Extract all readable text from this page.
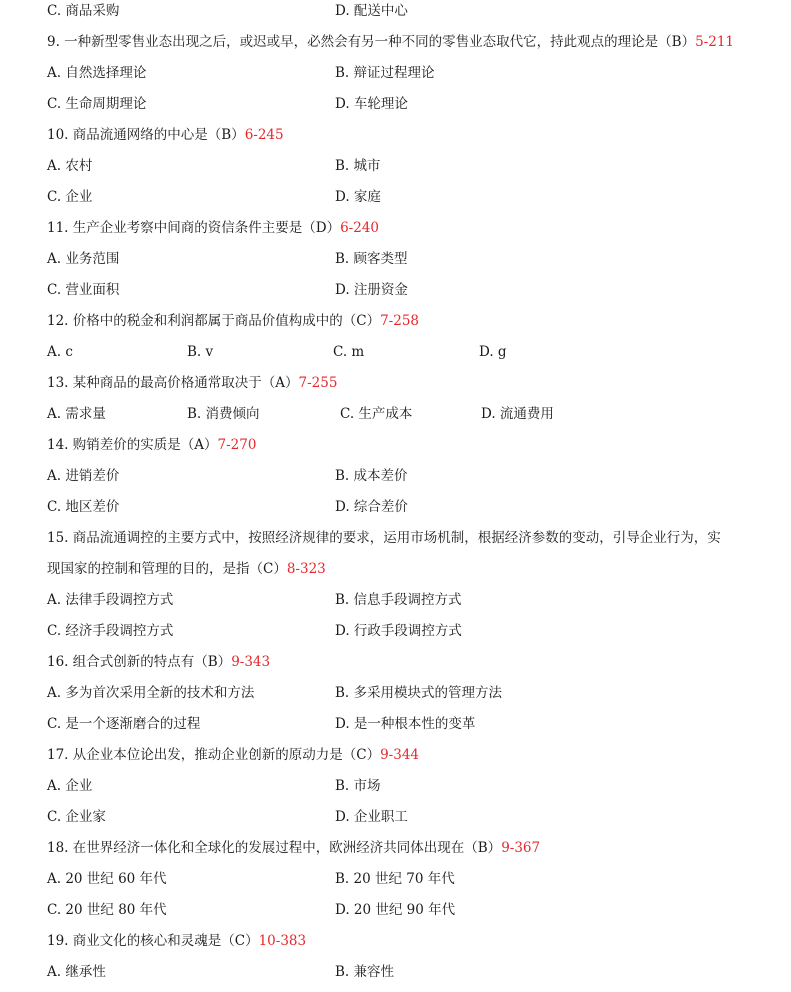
C. 商品采购	D. 配送中心
9. 一种新型零售业态出现之后，或迟或早，必然会有另一种不同的零售业态取代它，持此观点的理论是（B）5-211
A. 自然选择理论	B. 辩证过程理论
C. 生命周期理论	D. 车轮理论
10. 商品流通网络的中心是（B）6-245
A. 农村	B. 城市
C. 企业	D. 家庭
11. 生产企业考察中间商的资信条件主要是（D）6-240
A. 业务范围	B. 顾客类型
C. 营业面积	D. 注册资金
12. 价格中的税金和利润都属于商品价值构成中的（C）7-258
A. c	B. v	C. m	D. g
13. 某种商品的最高价格通常取决于（A）7-255
A. 需求量	B. 消费倾向	C. 生产成本	D. 流通费用
14. 购销差价的实质是（A）7-270
A. 进销差价	B. 成本差价
C. 地区差价	D. 综合差价
15. 商品流通调控的主要方式中，按照经济规律的要求，运用市场机制，根据经济参数的变动，引导企业行为，实
现国家的控制和管理的目的，是指（C）8-323
A. 法律手段调控方式	B. 信息手段调控方式
C. 经济手段调控方式	D. 行政手段调控方式
16. 组合式创新的特点有（B）9-343
A. 多为首次采用全新的技术和方法	B. 多采用模块式的管理方法
C. 是一个逐渐磨合的过程	D. 是一种根本性的变革
17. 从企业本位论出发，推动企业创新的原动力是（C）9-344
A. 企业	B. 市场
C. 企业家	D. 企业职工
18. 在世界经济一体化和全球化的发展过程中，欧洲经济共同体出现在（B）9-367
A. 20 世纪 60 年代	B. 20 世纪 70 年代
C. 20 世纪 80 年代	D. 20 世纪 90 年代
19. 商业文化的核心和灵魂是（C）10-383
A. 继承性	B. 兼容性
